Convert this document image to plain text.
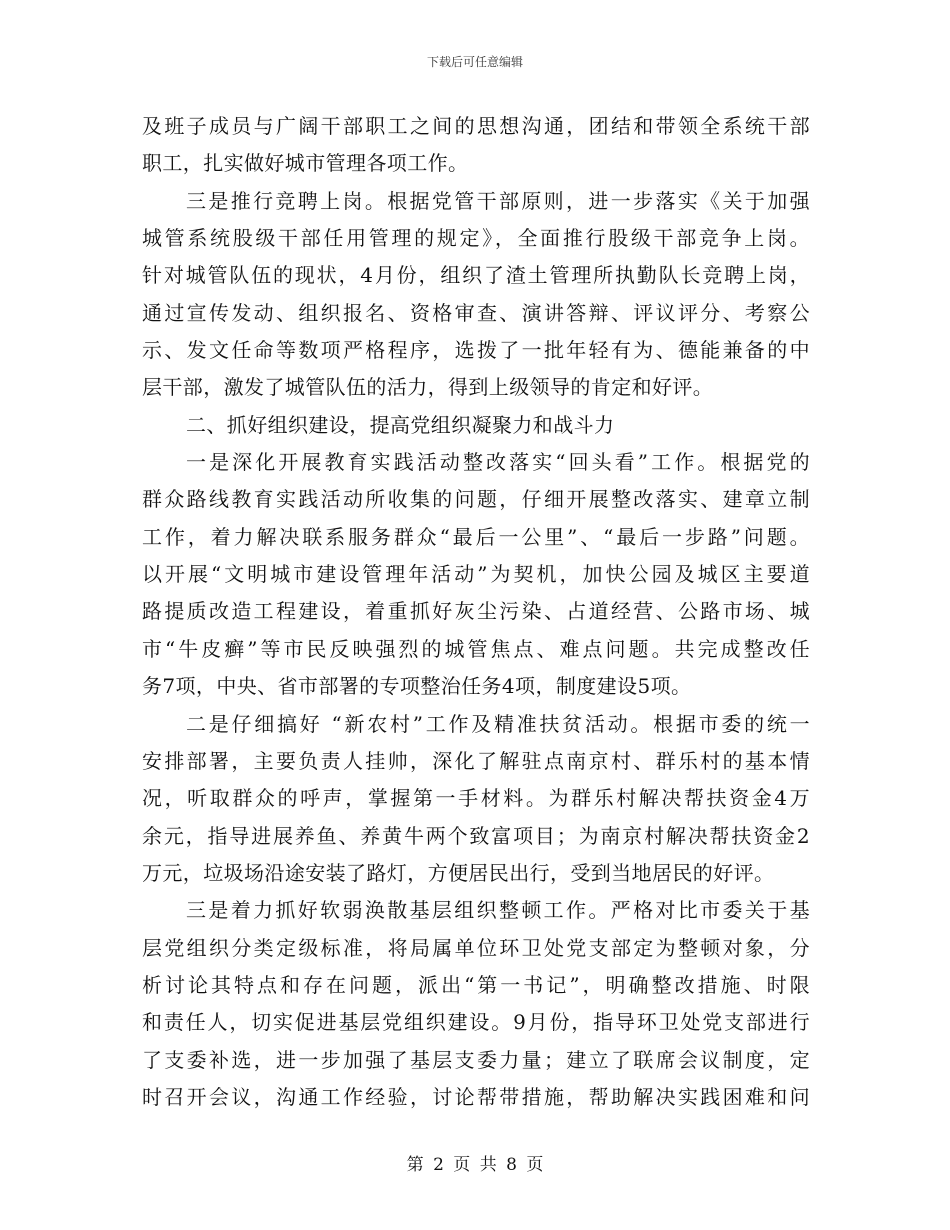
下载后可任意编辑
及班子成员与广阔干部职工之间的思想沟通，团结和带领全系统干部
职工，扎实做好城市管理各项工作。
三是推行竞聘上岗。根据党管干部原则，进一步落实《关于加强
城管系统股级干部任用管理的规定》，全面推行股级干部竞争上岗。
针对城管队伍的现状，4月份，组织了渣土管理所执勤队长竞聘上岗，
通过宣传发动、组织报名、资格审查、演讲答辩、评议评分、考察公
示、发文任命等数项严格程序，选拨了一批年轻有为、德能兼备的中
层干部，激发了城管队伍的活力，得到上级领导的肯定和好评。
二、抓好组织建设，提高党组织凝聚力和战斗力
一是深化开展教育实践活动整改落实“回头看”工作。根据党的
群众路线教育实践活动所收集的问题，仔细开展整改落实、建章立制
工作，着力解决联系服务群众“最后一公里”、“最后一步路”问题。
以开展“文明城市建设管理年活动”为契机，加快公园及城区主要道
路提质改造工程建设，着重抓好灰尘污染、占道经营、公路市场、城
市“牛皮癣”等市民反映强烈的城管焦点、难点问题。共完成整改任
务7项，中央、省市部署的专项整治任务4项，制度建设5项。
二是仔细搞好 “新农村”工作及精准扶贫活动。根据市委的统一
安排部署，主要负责人挂帅，深化了解驻点南京村、群乐村的基本情
况，听取群众的呼声，掌握第一手材料。为群乐村解决帮扶资金4万
余元，指导进展养鱼、养黄牛两个致富项目；为南京村解决帮扶资金2
万元，垃圾场沿途安装了路灯，方便居民出行，受到当地居民的好评。
三是着力抓好软弱涣散基层组织整顿工作。严格对比市委关于基
层党组织分类定级标准，将局属单位环卫处党支部定为整顿对象，分
析讨论其特点和存在问题，派出“第一书记”，明确整改措施、时限
和责任人，切实促进基层党组织建设。9月份，指导环卫处党支部进行
了支委补选，进一步加强了基层支委力量；建立了联席会议制度，定
时召开会议，沟通工作经验，讨论帮带措施，帮助解决实践困难和问
第 2 页 共 8 页
